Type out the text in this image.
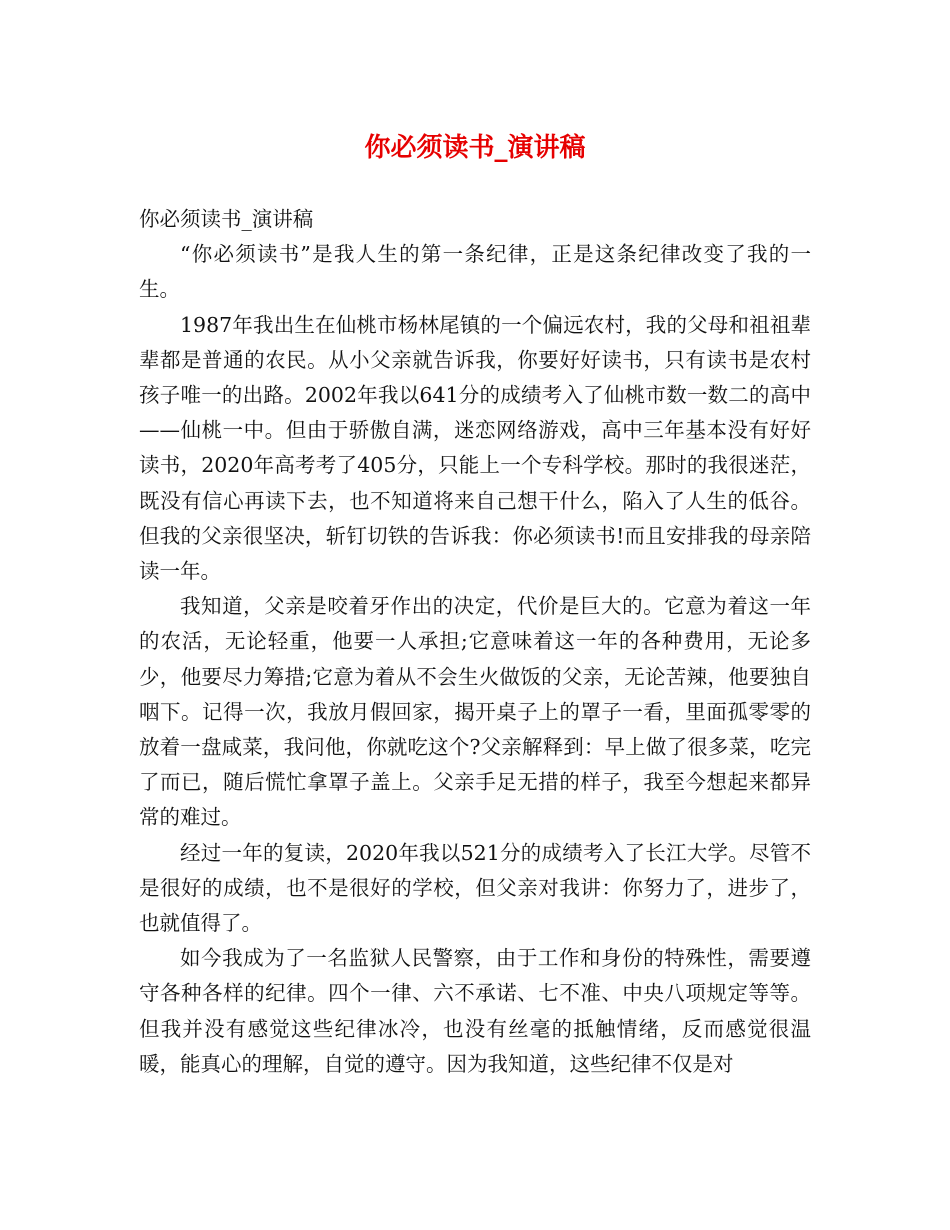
你必须读书_演讲稿

你必须读书_演讲稿

“你必须读书”是我人生的第一条纪律，正是这条纪律改变了我的一生。

1987年我出生在仙桃市杨林尾镇的一个偏远农村，我的父母和祖祖辈辈都是普通的农民。从小父亲就告诉我，你要好好读书，只有读书是农村孩子唯一的出路。2002年我以641分的成绩考入了仙桃市数一数二的高中——仙桃一中。但由于骄傲自满，迷恋网络游戏，高中三年基本没有好好读书，2020年高考考了405分，只能上一个专科学校。那时的我很迷茫，既没有信心再读下去，也不知道将来自己想干什么，陷入了人生的低谷。但我的父亲很坚决，斩钉切铁的告诉我：你必须读书!而且安排我的母亲陪读一年。

我知道，父亲是咬着牙作出的决定，代价是巨大的。它意为着这一年的农活，无论轻重，他要一人承担;它意味着这一年的各种费用，无论多少，他要尽力筹措;它意为着从不会生火做饭的父亲，无论苦辣，他要独自咽下。记得一次，我放月假回家，揭开桌子上的罩子一看，里面孤零零的放着一盘咸菜，我问他，你就吃这个?父亲解释到：早上做了很多菜，吃完了而已，随后慌忙拿罩子盖上。父亲手足无措的样子，我至今想起来都异常的难过。

经过一年的复读，2020年我以521分的成绩考入了长江大学。尽管不是很好的成绩，也不是很好的学校，但父亲对我讲：你努力了，进步了，也就值得了。

如今我成为了一名监狱人民警察，由于工作和身份的特殊性，需要遵守各种各样的纪律。四个一律、六不承诺、七不准、中央八项规定等等。但我并没有感觉这些纪律冰冷，也没有丝毫的抵触情绪，反而感觉很温暖，能真心的理解，自觉的遵守。因为我知道，这些纪律不仅是对
